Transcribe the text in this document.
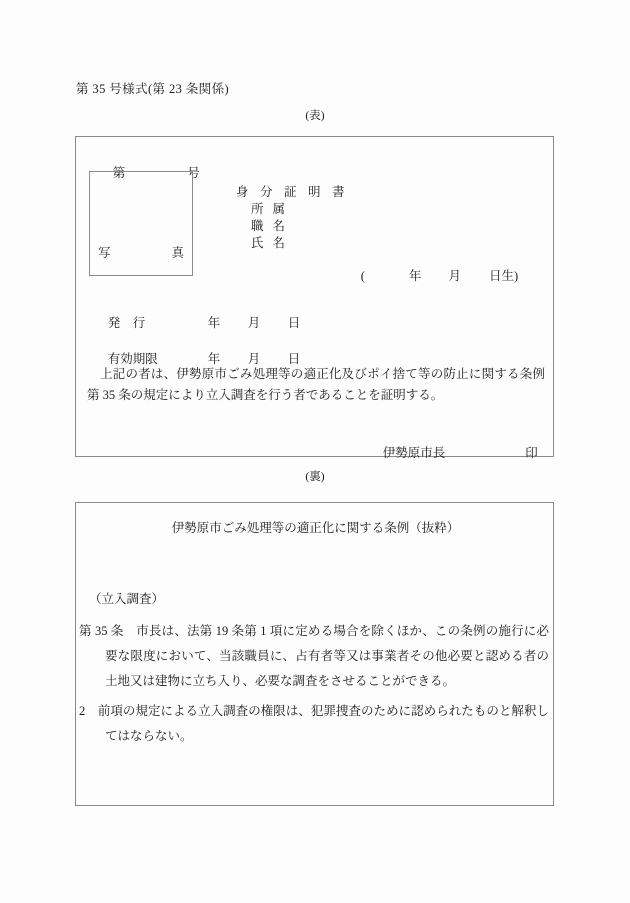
第 35 号様式(第 23 条関係)
(表)

第	号

写	真
身分証明書
所属
職名
氏名

(	年 月 日生)

発　行	年 月 日

有効期限	年 月 日

上記の者は、伊勢原市ごみ処理等の適正化及びポイ捨て等の防止に関する条例第 35 条の規定により立入調査を行う者であることを証明する。

伊勢原市長	印

(裏)
伊勢原市ごみ処理等の適正化に関する条例（抜粋）
（立入調査）
第 35 条　市長は、法第 19 条第 1 項に定める場合を除くほか、この条例の施行に必要な限度において、当該職員に、占有者等又は事業者その他必要と認める者の土地又は建物に立ち入り、必要な調査をさせることができる。
2　前項の規定による立入調査の権限は、犯罪捜査のために認められたものと解釈してはならない。
